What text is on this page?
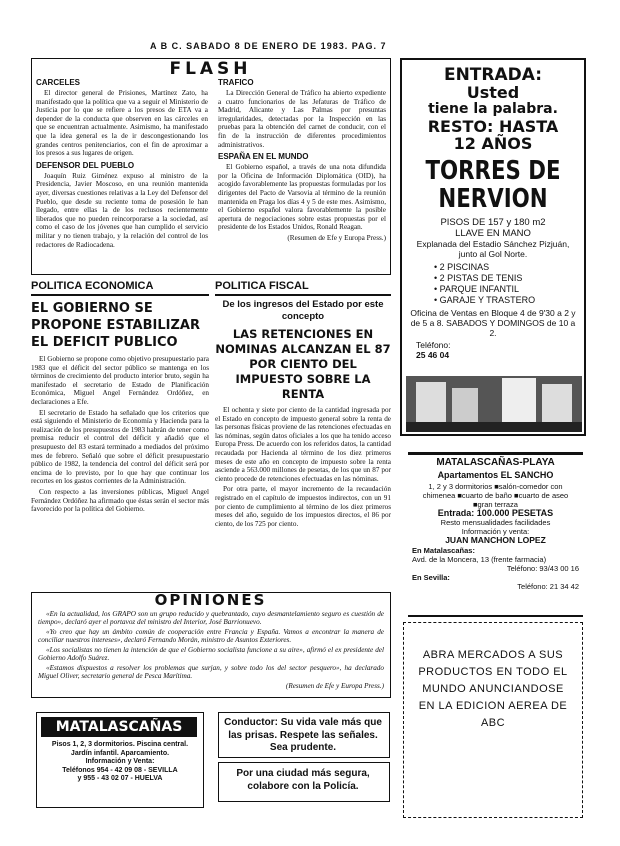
A B C. SABADO 8 DE ENERO DE 1983. PAG. 7
FLASH
CARCELES

El director general de Prisiones, Martínez Zato, ha manifestado que la política que va a seguir el Ministerio de Justicia por lo que se refiere a los presos de ETA va a depender de la conducta que observen en las cárceles en que se encuentran actualmente. Asimismo, ha manifestado que la idea general es la de ir descongestionando los grandes centros penitenciarios, con el fin de aproximar a los presos a sus lugares de origen.

DEFENSOR DEL PUEBLO

Joaquín Ruiz Giménez expuso al ministro de la Presidencia, Javier Moscoso, en una reunión mantenida ayer, diversas cuestiones relativas a la Ley del Defensor del Pueblo, que desde su reciente toma de posesión le han llegado, entre ellas la de los reclusos recientemente liberados que no pueden reincorporarse a la sociedad, así como el caso de los jóvenes que han cumplido el servicio militar y no tienen trabajo, y la relación del control de los redactores de Radiocadena.

TRAFICO

La Dirección General de Tráfico ha abierto expediente a cuatro funcionarios de las Jefaturas de Tráfico de Madrid, Alicante y Las Palmas por presuntas irregularidades, detectadas por la Inspección en las pruebas para la obtención del carnet de conducir, con el fin de la instrucción de diferentes procedimientos administrativos.

ESPAÑA EN EL MUNDO

El Gobierno español, a través de una nota difundida por la Oficina de Información Diplomática (OID), ha acogido favorablemente las propuestas formuladas por los dirigentes del Pacto de Varsovia al término de la reunión mantenida en Praga los días 4 y 5 de este mes. Asimismo, el Gobierno español valora favorablemente la posible apertura de negociaciones sobre estas propuestas por el presidente de los Estados Unidos, Ronald Reagan.

(Resumen de Efe y Europa Press.)
POLITICA ECONOMICA
EL GOBIERNO SE PROPONE ESTABILIZAR EL DEFICIT PUBLICO

El Gobierno se propone como objetivo presupuestario para 1983 que el déficit del sector público se mantenga en los términos de crecimiento del producto interior bruto, según ha manifestado el secretario de Estado de Planificación Económica, Miguel Angel Fernández Ordóñez, en declaraciones a Efe.

El secretario de Estado ha señalado que los criterios que está siguiendo el Ministerio de Economía y Hacienda para la realización de los presupuestos de 1983 habrán de tener como premisa reducir el control del déficit y añadió que el presupuesto del 83 estará terminado a mediados del próximo mes de febrero. Señaló que sobre el déficit presupuestario público de 1982, la tendencia del control del déficit será por encima de lo previsto, por lo que hay que continuar los recortes en los gastos corrientes de la Administración.

Con respecto a las inversiones públicas, Miguel Angel Fernández Ordóñez ha afirmado que éstas serán el sector más favorecido por la política del Gobierno.

POLITICA FISCAL
De los ingresos del Estado por este concepto
LAS RETENCIONES EN NOMINAS ALCANZAN EL 87 POR CIENTO DEL IMPUESTO SOBRE LA RENTA

El ochenta y siete por ciento de la cantidad ingresada por el Estado en concepto de impuesto general sobre la renta de las personas físicas proviene de las retenciones efectuadas en las nóminas, según datos oficiales a los que ha tenido acceso Europa Press. De acuerdo con los referidos datos, la cantidad recaudada por Hacienda al término de los diez primeros meses de este año en concepto de impuesto sobre la renta asciende a 563.000 millones de pesetas, de los que un 87 por ciento procede de retenciones efectuadas en las nóminas.

Por otra parte, el mayor incremento de la recaudación registrado en el capítulo de impuestos indirectos, con un 91 por ciento de cumplimiento al término de los diez primeros meses del año, seguido de los impuestos directos, el 86 por ciento, de los 725 por ciento.

OPINIONES

«En la actualidad, los GRAPO son un grupo reducido y quebrantado, cuyo desmantelamiento seguro es cuestión de tiempo», declaró ayer el portavoz del ministro del Interior, José Barrionuevo.

«Yo creo que hay un ámbito común de cooperación entre Francia y España. Vamos a encontrar la manera de conciliar nuestros intereses», declaró Fernando Morán, ministro de Asuntos Exteriores.

«Los socialistas no tienen la intención de que el Gobierno socialista funcione a su aire», afirmó el ex presidente del Gobierno Adolfo Suárez.

«Estamos dispuestos a resolver los problemas que surjan, y sobre todo los del sector pesquero», ha declarado Miguel Oliver, secretario general de Pesca Marítima.

(Resumen de Efe y Europa Press.)
MATALASCAÑAS
Pisos 1, 2, 3 dormitorios. Piscina central. Jardín infantil. Aparcamiento.
Información y Venta:
Teléfonos 954 - 42 09 08 - SEVILLA
y 955 - 43 02 07 - HUELVA
Conductor: Su vida vale más que las prisas. Respete las señales. Sea prudente.
Por una ciudad más segura, colabore con la Policía.
ENTRADA:
Usted
tiene la palabra.
RESTO: HASTA
12 AÑOS
TORRES DE
NERVION
PISOS DE 157 y 180 m2
LLAVE EN MANO
Explanada del Estadio Sánchez Pizjuán, junto al Gol Norte.
• 2 PISCINAS
• 2 PISTAS DE TENIS
• PARQUE INFANTIL
• GARAJE Y TRASTERO
Oficina de Ventas en Bloque 4 de 9'30 a 2 y de 5 a 8. SABADOS Y DOMINGOS de 10 a 2.
Teléfono:
25 46 04
MATALASCAÑAS-PLAYA
Apartamentos EL SANCHO
1, 2 y 3 dormitorios ■salón-comedor con chimenea ■cuarto de baño ■cuarto de aseo ■gran terraza
Entrada: 100.000 PESETAS
Resto mensualidades facilidades
Información y venta:
JUAN MANCHON LOPEZ
En Matalascañas:
Avd. de la Moncera, 13 (frente farmacia)
Teléfono: 93/43 00 16
En Sevilla:
Teléfono: 21 34 42
ABRA MERCADOS A SUS PRODUCTOS EN TODO EL MUNDO ANUNCIANDOSE EN LA EDICION AEREA DE ABC
